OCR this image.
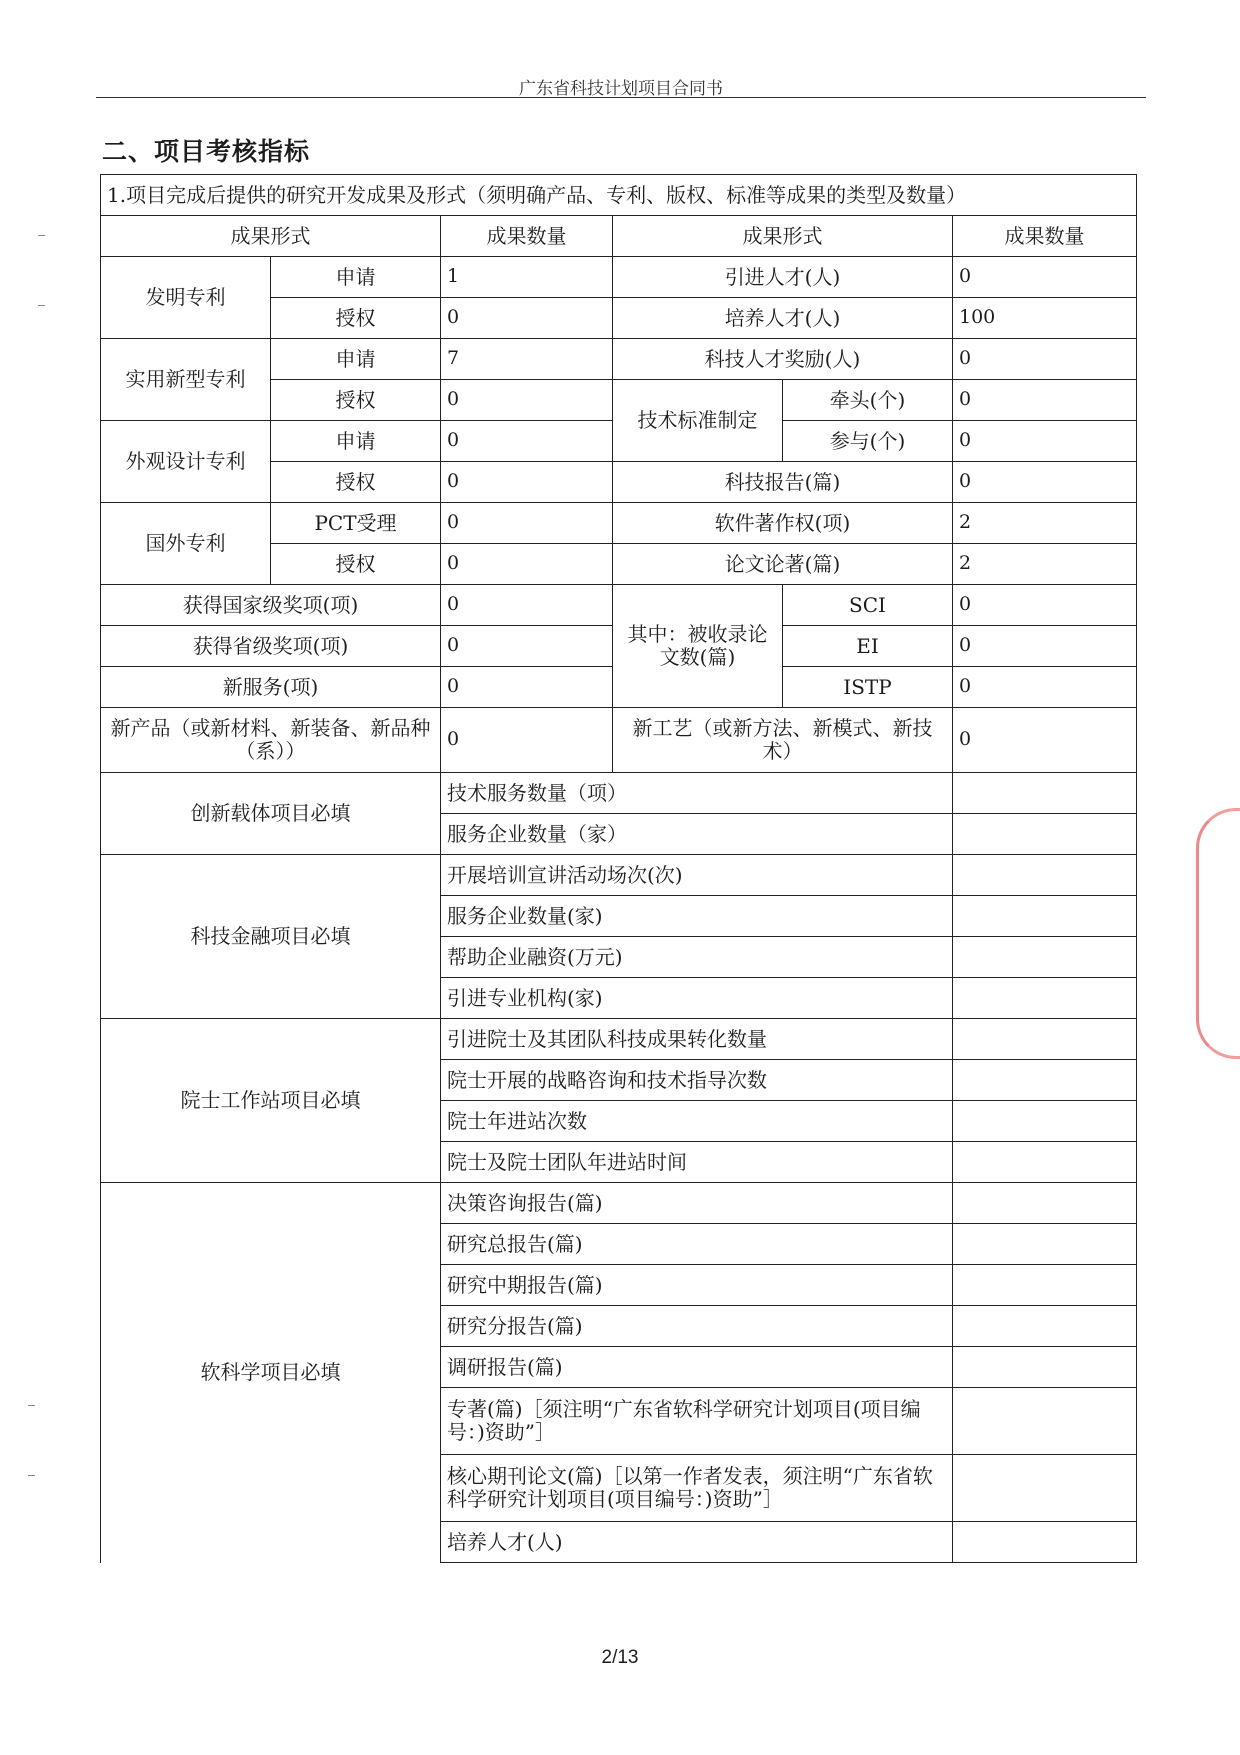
广东省科技计划项目合同书
二、项目考核指标
1.项目完成后提供的研究开发成果及形式（须明确产品、专利、版权、标准等成果的类型及数量）					
成果形式		成果数量	成果形式		成果数量
发明专利	申请	1	引进人才(人)		0
	授权	0	培养人才(人)		100
实用新型专利	申请	7	科技人才奖励(人)		0
	授权	0	技术标准制定	牵头(个)	0
外观设计专利	申请	0		参与(个)	0
	授权	0	科技报告(篇)		0
国外专利	PCT受理	0	软件著作权(项)		2
	授权	0	论文论著(篇)		2
获得国家级奖项(项)		0	其中：被收录论文数(篇)	SCI	0
获得省级奖项(项)		0		EI	0
新服务(项)		0		ISTP	0
新产品（或新材料、新装备、新品种（系））		0	新工艺（或新方法、新模式、新技术）		0
创新载体项目必填		技术服务数量（项）			
		服务企业数量（家）			
科技金融项目必填		开展培训宣讲活动场次(次)			
		服务企业数量(家)			
		帮助企业融资(万元)			
		引进专业机构(家)			
院士工作站项目必填		引进院士及其团队科技成果转化数量			
		院士开展的战略咨询和技术指导次数			
		院士年进站次数			
		院士及院士团队年进站时间			
软科学项目必填		决策咨询报告(篇)			
		研究总报告(篇)			
		研究中期报告(篇)			
		研究分报告(篇)			
		调研报告(篇)			
		专著(篇)［须注明“广东省软科学研究计划项目(项目编号：)资助”］			
		核心期刊论文(篇)［以第一作者发表，须注明“广东省软科学研究计划项目(项目编号：)资助”］			
		培养人才(人)			
2/13
